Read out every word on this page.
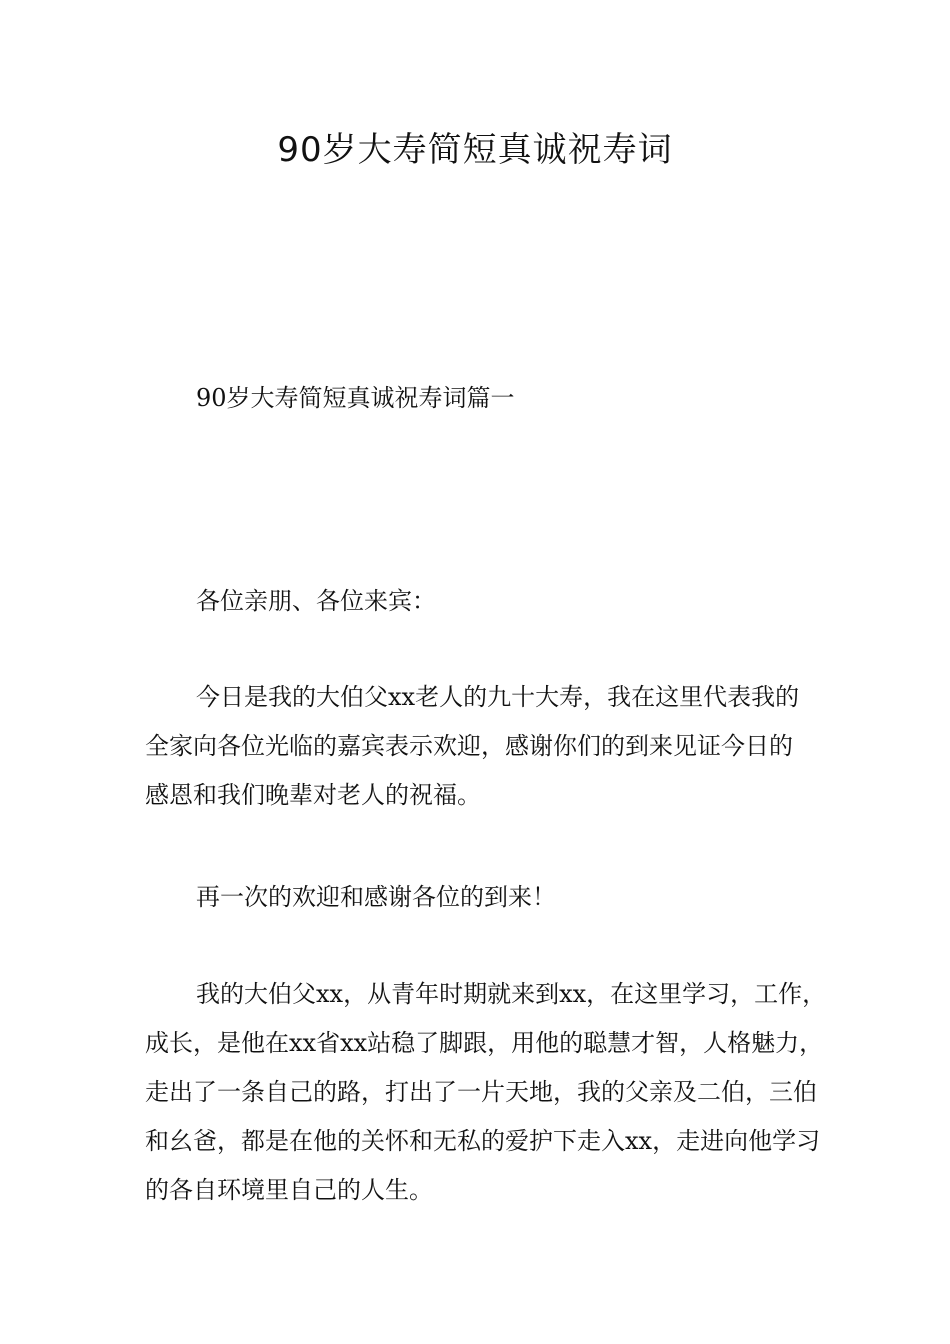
90岁大寿简短真诚祝寿词
90岁大寿简短真诚祝寿词篇一

各位亲朋、各位来宾：

今日是我的大伯父xx老人的九十大寿，我在这里代表我的全家向各位光临的嘉宾表示欢迎，感谢你们的到来见证今日的感恩和我们晚辈对老人的祝福。

再一次的欢迎和感谢各位的到来！

我的大伯父xx，从青年时期就来到xx，在这里学习，工作，成长，是他在xx省xx站稳了脚跟，用他的聪慧才智，人格魅力，走出了一条自己的路，打出了一片天地，我的父亲及二伯，三伯和幺爸，都是在他的关怀和无私的爱护下走入xx，走进向他学习的各自环境里自己的人生。
